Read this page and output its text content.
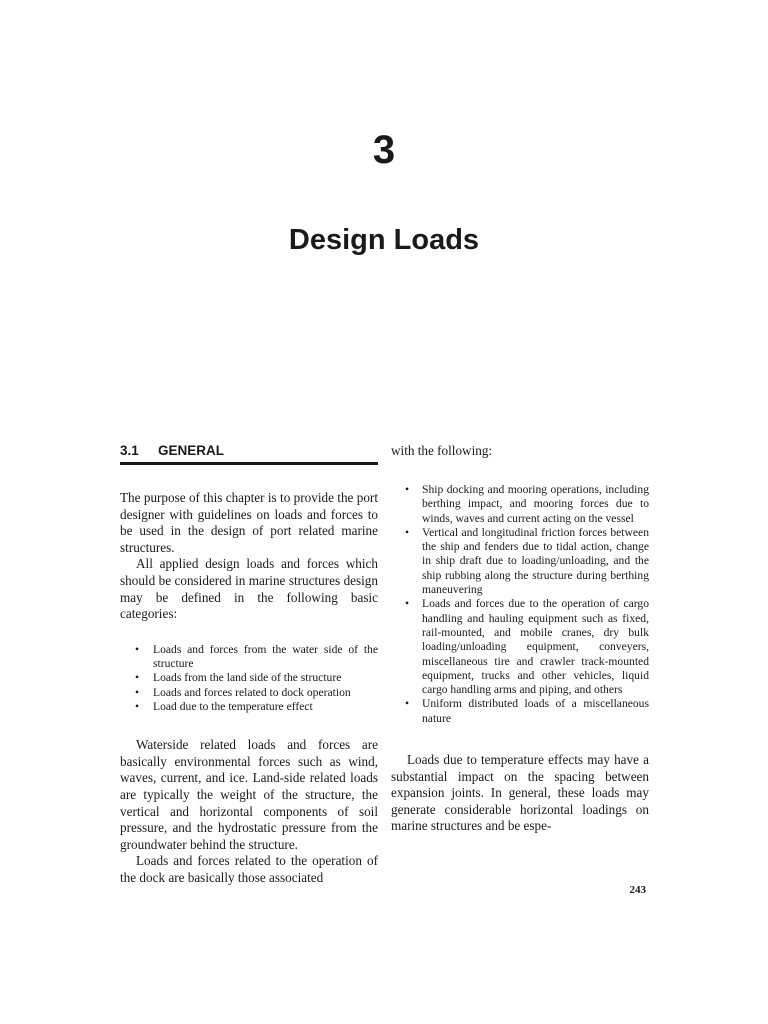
3
Design Loads
3.1 GENERAL

The purpose of this chapter is to provide the port designer with guidelines on loads and forces to be used in the design of port related marine structures.

All applied design loads and forces which should be considered in marine structures design may be defined in the following basic categories:

• Loads and forces from the water side of the structure
• Loads from the land side of the structure
• Loads and forces related to dock operation
• Load due to the temperature effect

Waterside related loads and forces are basically environmental forces such as wind, waves, current, and ice. Land-side related loads are typically the weight of the structure, the vertical and horizontal components of soil pressure, and the hydrostatic pressure from the groundwater behind the structure.

Loads and forces related to the operation of the dock are basically those associated

with the following:

• Ship docking and mooring operations, including berthing impact, and mooring forces due to winds, waves and current acting on the vessel
• Vertical and longitudinal friction forces between the ship and fenders due to tidal action, change in ship draft due to loading/unloading, and the ship rubbing along the structure during berthing maneuvering
• Loads and forces due to the operation of cargo handling and hauling equipment such as fixed, rail-mounted, and mobile cranes, dry bulk loading/unloading equipment, conveyers, miscellaneous tire and crawler track-mounted equipment, trucks and other vehicles, liquid cargo handling arms and piping, and others
• Uniform distributed loads of a miscellaneous nature

Loads due to temperature effects may have a substantial impact on the spacing between expansion joints. In general, these loads may generate considerable horizontal loadings on marine structures and be espe-

243
